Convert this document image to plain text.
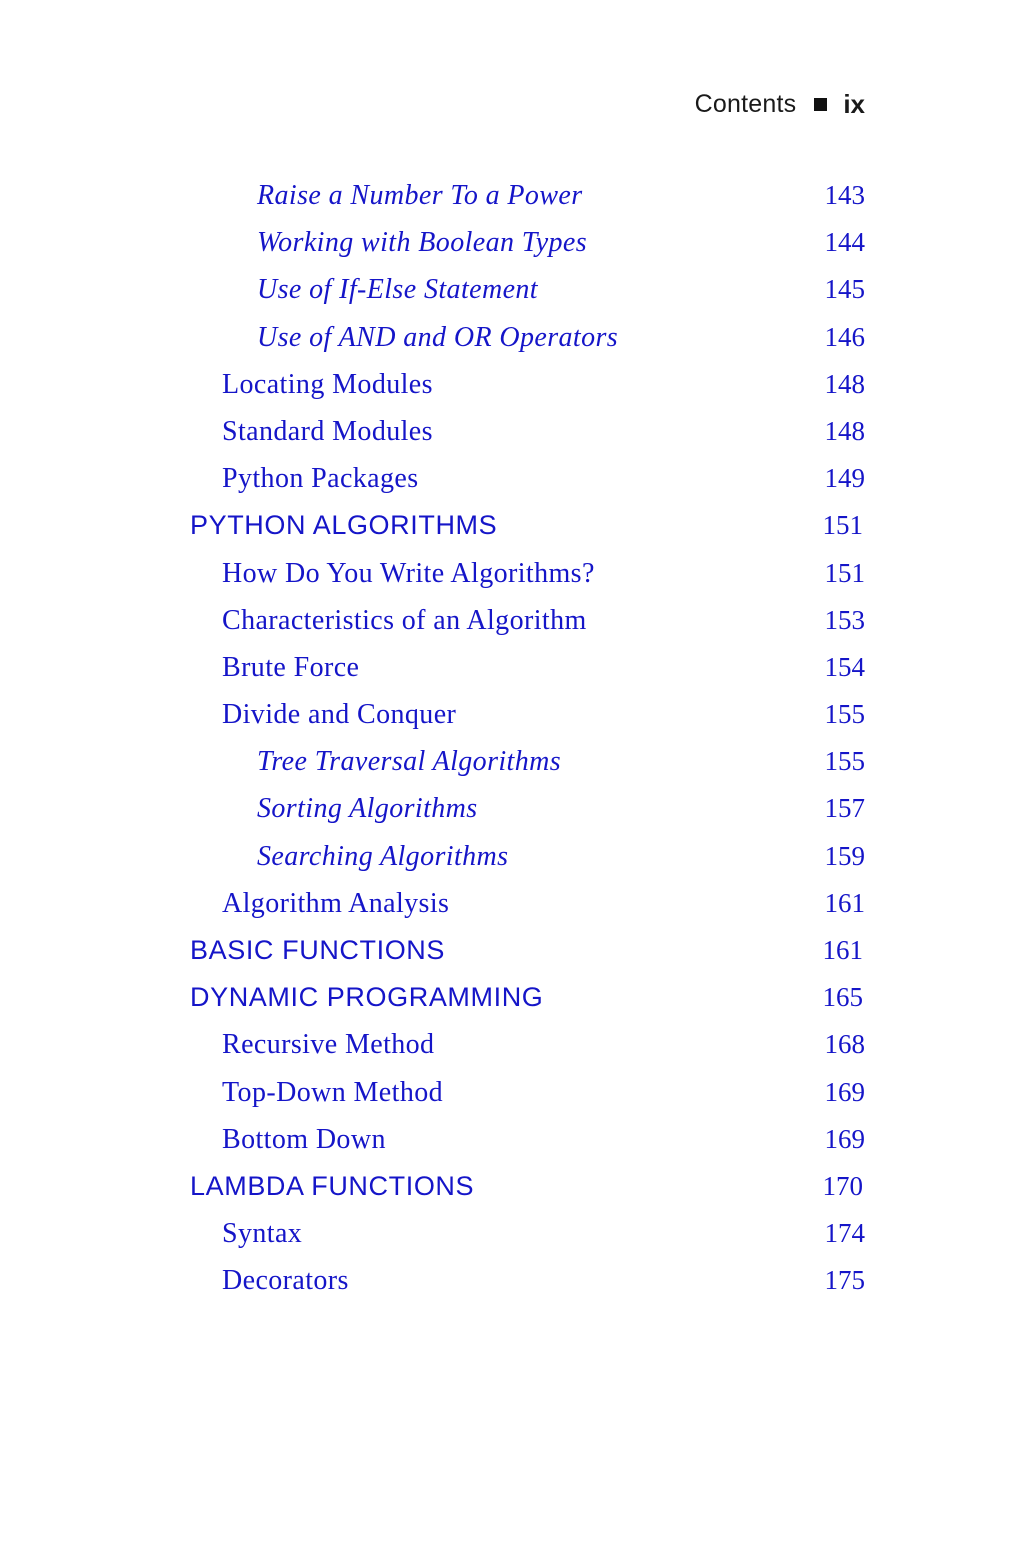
Contents ix
Raise a Number To a Power	143
Working with Boolean Types	144
Use of If-Else Statement	145
Use of AND and OR Operators	146
Locating Modules	148
Standard Modules	148
Python Packages	149
PYTHON ALGORITHMS	151
How Do You Write Algorithms?	151
Characteristics of an Algorithm	153
Brute Force	154
Divide and Conquer	155
Tree Traversal Algorithms	155
Sorting Algorithms	157
Searching Algorithms	159
Algorithm Analysis	161
BASIC FUNCTIONS	161
DYNAMIC PROGRAMMING	165
Recursive Method	168
Top-Down Method	169
Bottom Down	169
LAMBDA FUNCTIONS	170
Syntax	174
Decorators	175
